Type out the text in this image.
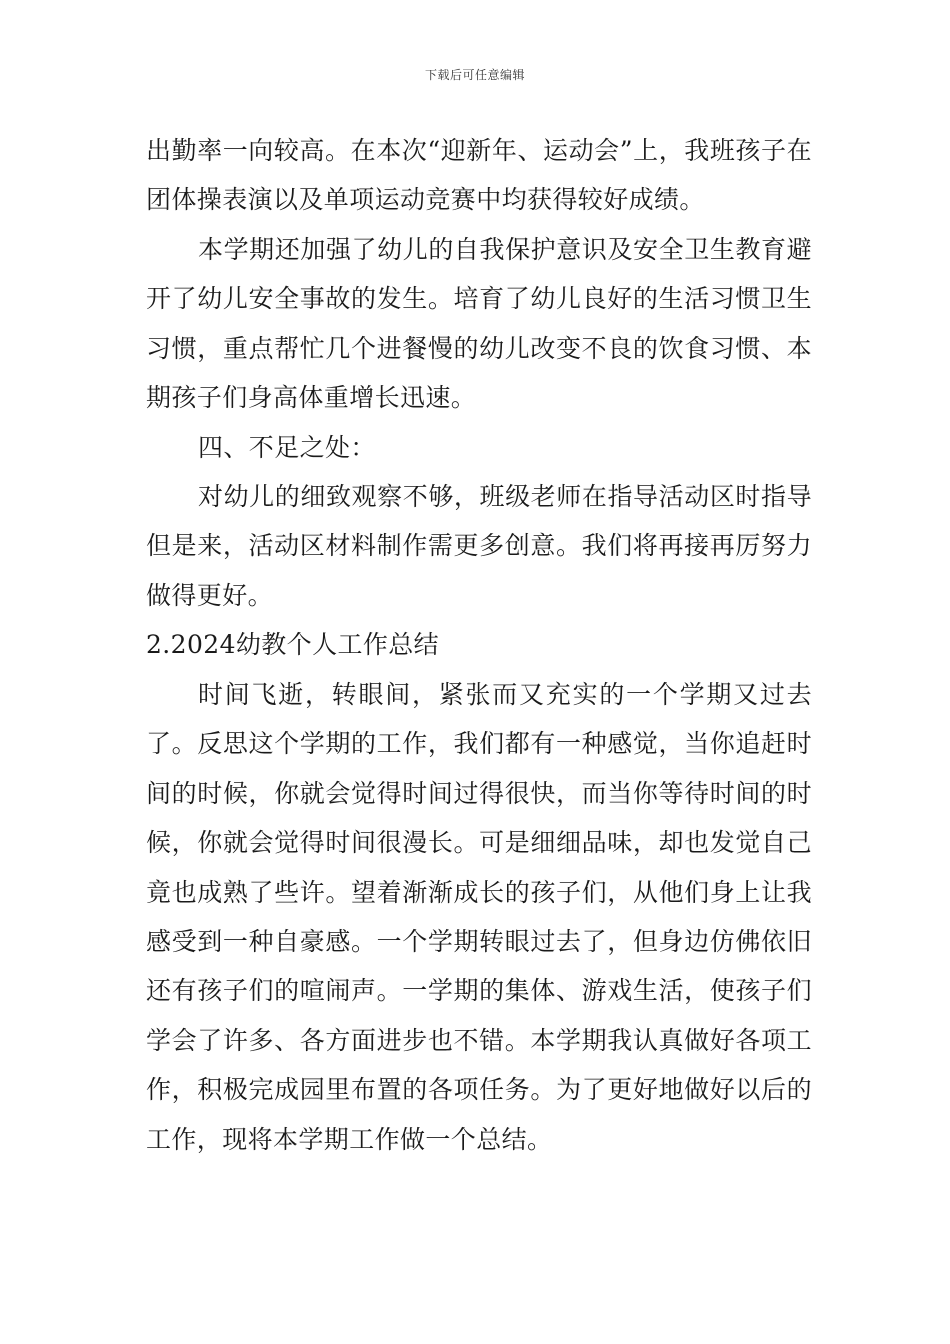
下载后可任意编辑

出勤率一向较高。在本次“迎新年、运动会”上，我班孩子在团体操表演以及单项运动竞赛中均获得较好成绩。

本学期还加强了幼儿的自我保护意识及安全卫生教育避开了幼儿安全事故的发生。培育了幼儿良好的生活习惯卫生习惯，重点帮忙几个进餐慢的幼儿改变不良的饮食习惯、本期孩子们身高体重增长迅速。

四、不足之处：

对幼儿的细致观察不够，班级老师在指导活动区时指导但是来，活动区材料制作需更多创意。我们将再接再厉努力做得更好。

2.2024幼教个人工作总结

时间飞逝，转眼间，紧张而又充实的一个学期又过去了。反思这个学期的工作，我们都有一种感觉，当你追赶时间的时候，你就会觉得时间过得很快，而当你等待时间的时候，你就会觉得时间很漫长。可是细细品味，却也发觉自己竟也成熟了些许。望着渐渐成长的孩子们，从他们身上让我感受到一种自豪感。一个学期转眼过去了，但身边仿佛依旧还有孩子们的喧闹声。一学期的集体、游戏生活，使孩子们学会了许多、各方面进步也不错。本学期我认真做好各项工作，积极完成园里布置的各项任务。为了更好地做好以后的工作，现将本学期工作做一个总结。
